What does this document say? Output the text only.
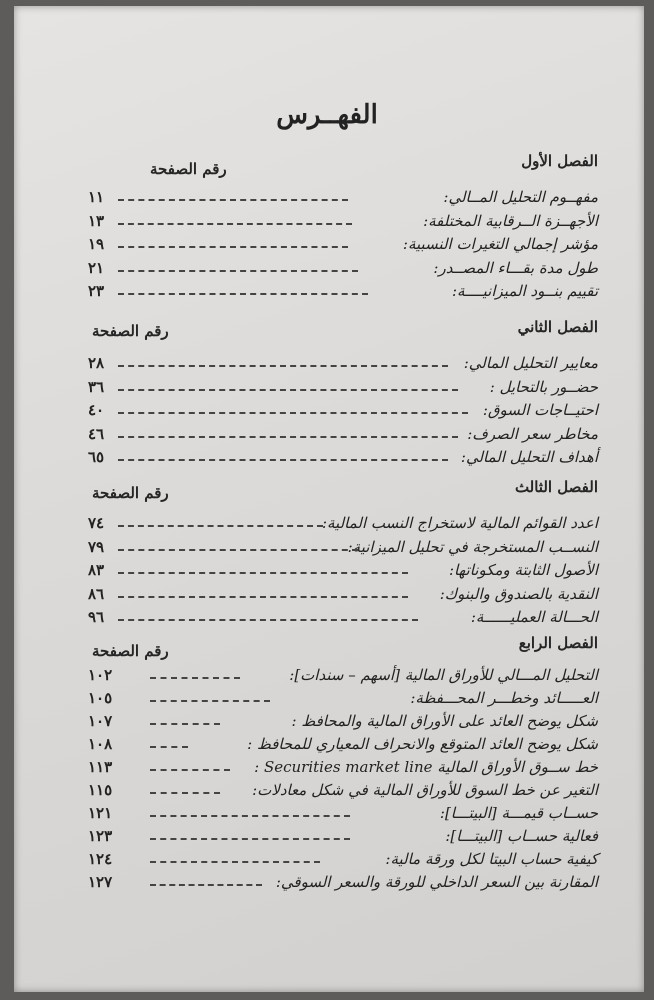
الفهــرس
الفصل الأول
رقم الصفحة
مفهــوم التحليل المــالي:
١١
الأجهــزة الــرقابية المختلفة:
١٣
مؤشر إجمالي التغيرات النسبية:
١٩
طول مدة بقـــاء المصــدر:
٢١
تقييم بنــود الميزانيــــة:
٢٣
الفصل الثاني
رقم الصفحة
معايير التحليل المالي:
٢٨
حضــور بالتحايل :
٣٦
احتيــاجات السوق:
٤٠
مخاطر سعر الصرف:
٤٦
أهداف التحليل المالي:
٦٥
الفصل الثالث
رقم الصفحة
اعدد القوائم المالية لاستخراج النسب المالية:
٧٤
النســب المستخرجة في تحليل الميزانية:
٧٩
الأصول الثابتة ومكوناتها:
٨٣
النقدية بالصندوق والبنوك:
٨٦
الحـــالة العمليــــــة:
٩٦
الفصل الرابع
رقم الصفحة
التحليل المـــالي للأوراق المالية [أسهم – سندات]:
١٠٢
العـــــائد وخطـــر المحـــفظة:
١٠٥
شكل يوضح العائد على الأوراق المالية والمحافظ :
١٠٧
شكل يوضح العائد المتوقع والانحراف المعياري للمحافظ :
١٠٨
خط ســوق الأوراق المالية Securities market line :
١١٣
التغير عن خط السوق للأوراق المالية في شكل معادلات:
١١٥
حســاب قيمـــة [البيتـــا]:
١٢١
فعالية حســاب [البيتـــا]:
١٢٣
كيفية حساب البيتا لكل ورقة مالية:
١٢٤
المقارنة بين السعر الداخلي للورقة والسعر السوقي:
١٢٧
